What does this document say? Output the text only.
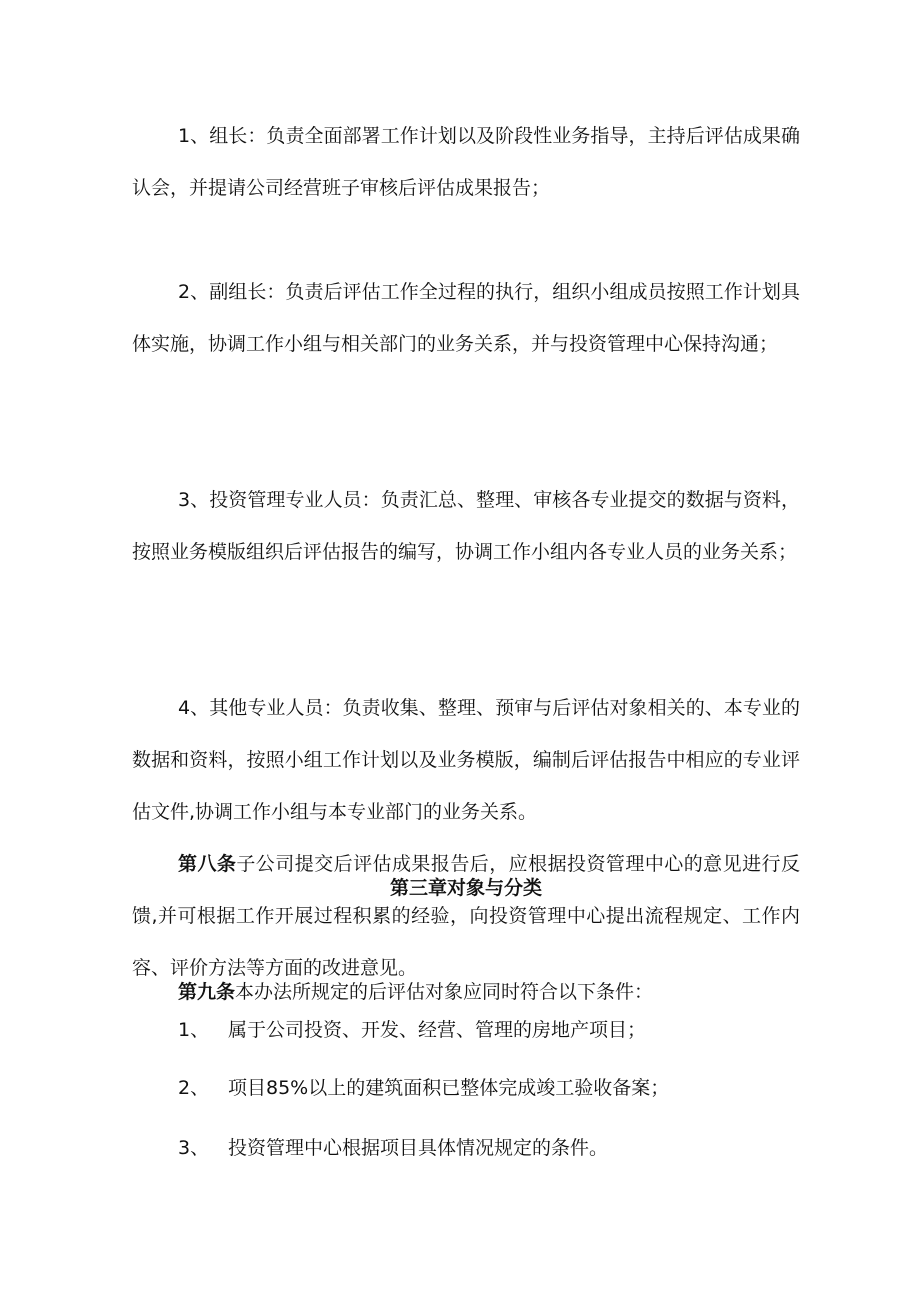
1、组长：负责全面部署工作计划以及阶段性业务指导，主持后评估成果确认会，并提请公司经营班子审核后评估成果报告；

2、副组长：负责后评估工作全过程的执行，组织小组成员按照工作计划具体实施，协调工作小组与相关部门的业务关系，并与投资管理中心保持沟通；

3、投资管理专业人员：负责汇总、整理、审核各专业提交的数据与资料，按照业务模版组织后评估报告的编写，协调工作小组内各专业人员的业务关系；

4、其他专业人员：负责收集、整理、预审与后评估对象相关的、本专业的数据和资料，按照小组工作计划以及业务模版，编制后评估报告中相应的专业评估文件,协调工作小组与本专业部门的业务关系。

第八条子公司提交后评估成果报告后，应根据投资管理中心的意见进行反馈,并可根据工作开展过程积累的经验，向投资管理中心提出流程规定、工作内容、评价方法等方面的改进意见。

第三章对象与分类

第九条本办法所规定的后评估对象应同时符合以下条件：

1、 属于公司投资、开发、经营、管理的房地产项目；

2、 项目85%以上的建筑面积已整体完成竣工验收备案；

3、 投资管理中心根据项目具体情况规定的条件。
